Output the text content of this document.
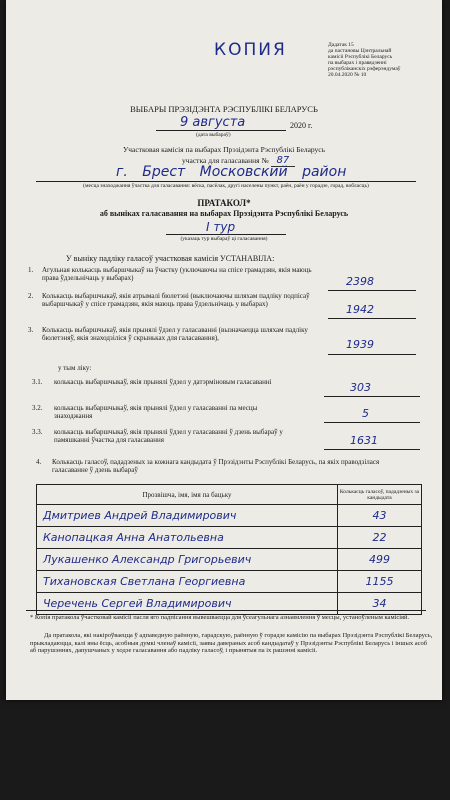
КОПИЯ	Дадатак 15
да пастановы Цэнтральнай
камісіі Рэспублікі Беларусь
па выбарах і правядзенні
рэспубліканскіх рэферэндумаў
20.04.2020 № 10
ВЫБАРЫ ПРЭЗІДЭНТА РЭСПУБЛІКІ БЕЛАРУСЬ
9 августа	2020 г.
(дата выбараў)
Участковая камісія па выбарах Прэзідэнта Рэспублікі Беларусь
участка для галасавання № 87
г. Брест Московский район
(месца знаходжання ўчастка для галасавання: вёска, пасёлак, другі населены пункт, раён, раён у горадзе, горад, вобласць)
ПРАТАКОЛ*
аб выніках галасавання на выбарах Прэзідэнта Рэспублікі Беларусь
I тур
(указаць тур выбараў ці галасавання)
У выніку падліку галасоў участковая камісія УСТАНАВІЛА:
1. Агульная колькасць выбаршчыкаў на ўчастку (уключаючы на спісе грамадзян, якія маюць права ўдзельнічаць у выбарах)	2398
2. Колькасць выбаршчыкаў, якія атрымалі бюлетэні (выключаючы шляхам падліку подпісаў выбаршчыкаў у спісе грамадзян, якія маюць права ўдзельнічаць у выбарах)	1942
3. Колькасць выбаршчыкаў, якія прынялі ўдзел у галасаванні (вызначаецца шляхам падліку бюлетэняў, якія знаходзіліся ў скрыньках для галасавання),	1939
у тым ліку:
3.1. колькасць выбаршчыкаў, якія прынялі ўдзел у датэрміновым галасаванні	303
3.2. колькасць выбаршчыкаў, якія прынялі ўдзел у галасаванні па месцы знаходжання	5
3.3. колькасць выбаршчыкаў, якія прынялі ўдзел у галасаванні ў дзень выбараў у памяшканні ўчастка для галасавання	1631
4. Колькасць галасоў, пададзеных за кожнага кандыдата ў Прэзідэнты Рэспублікі Беларусь, па якіх праводзілася галасаванне ў дзень выбараў
Прозвішча, імя, імя па бацьку	Колькасць галасоў, пададзеных за кандыдата
Дмитриев Андрей Владимирович	43
Канопацкая Анна Анатольевна	22
Лукашенко Александр Григорьевич	499
Тихановская Светлана Георгиевна	1155
Черечень Сергей Владимирович	34
* Копія пратакола ўчастковай камісіі пасля яго падпісання вывешваецца для ўсеагульнага азнаямлення ў месцы, устаноўленым камісіяй.
Да пратакола, які накіроўваецца ў адпаведную раённую, гарадскую, раённую ў горадзе камісію па выбарах Прэзідэнта Рэспублікі Беларусь, прыкладаюцца, калі яны ёсць, асобныя думкі членаў камісіі, заявы давераных асоб кандыдатаў у Прэзідэнты Рэспублікі Беларусь і іншых асоб аб парушэннях, дапушчаных у ходзе галасавання або падліку галасоў, і прынятыя па іх рашэнні камісіі.
